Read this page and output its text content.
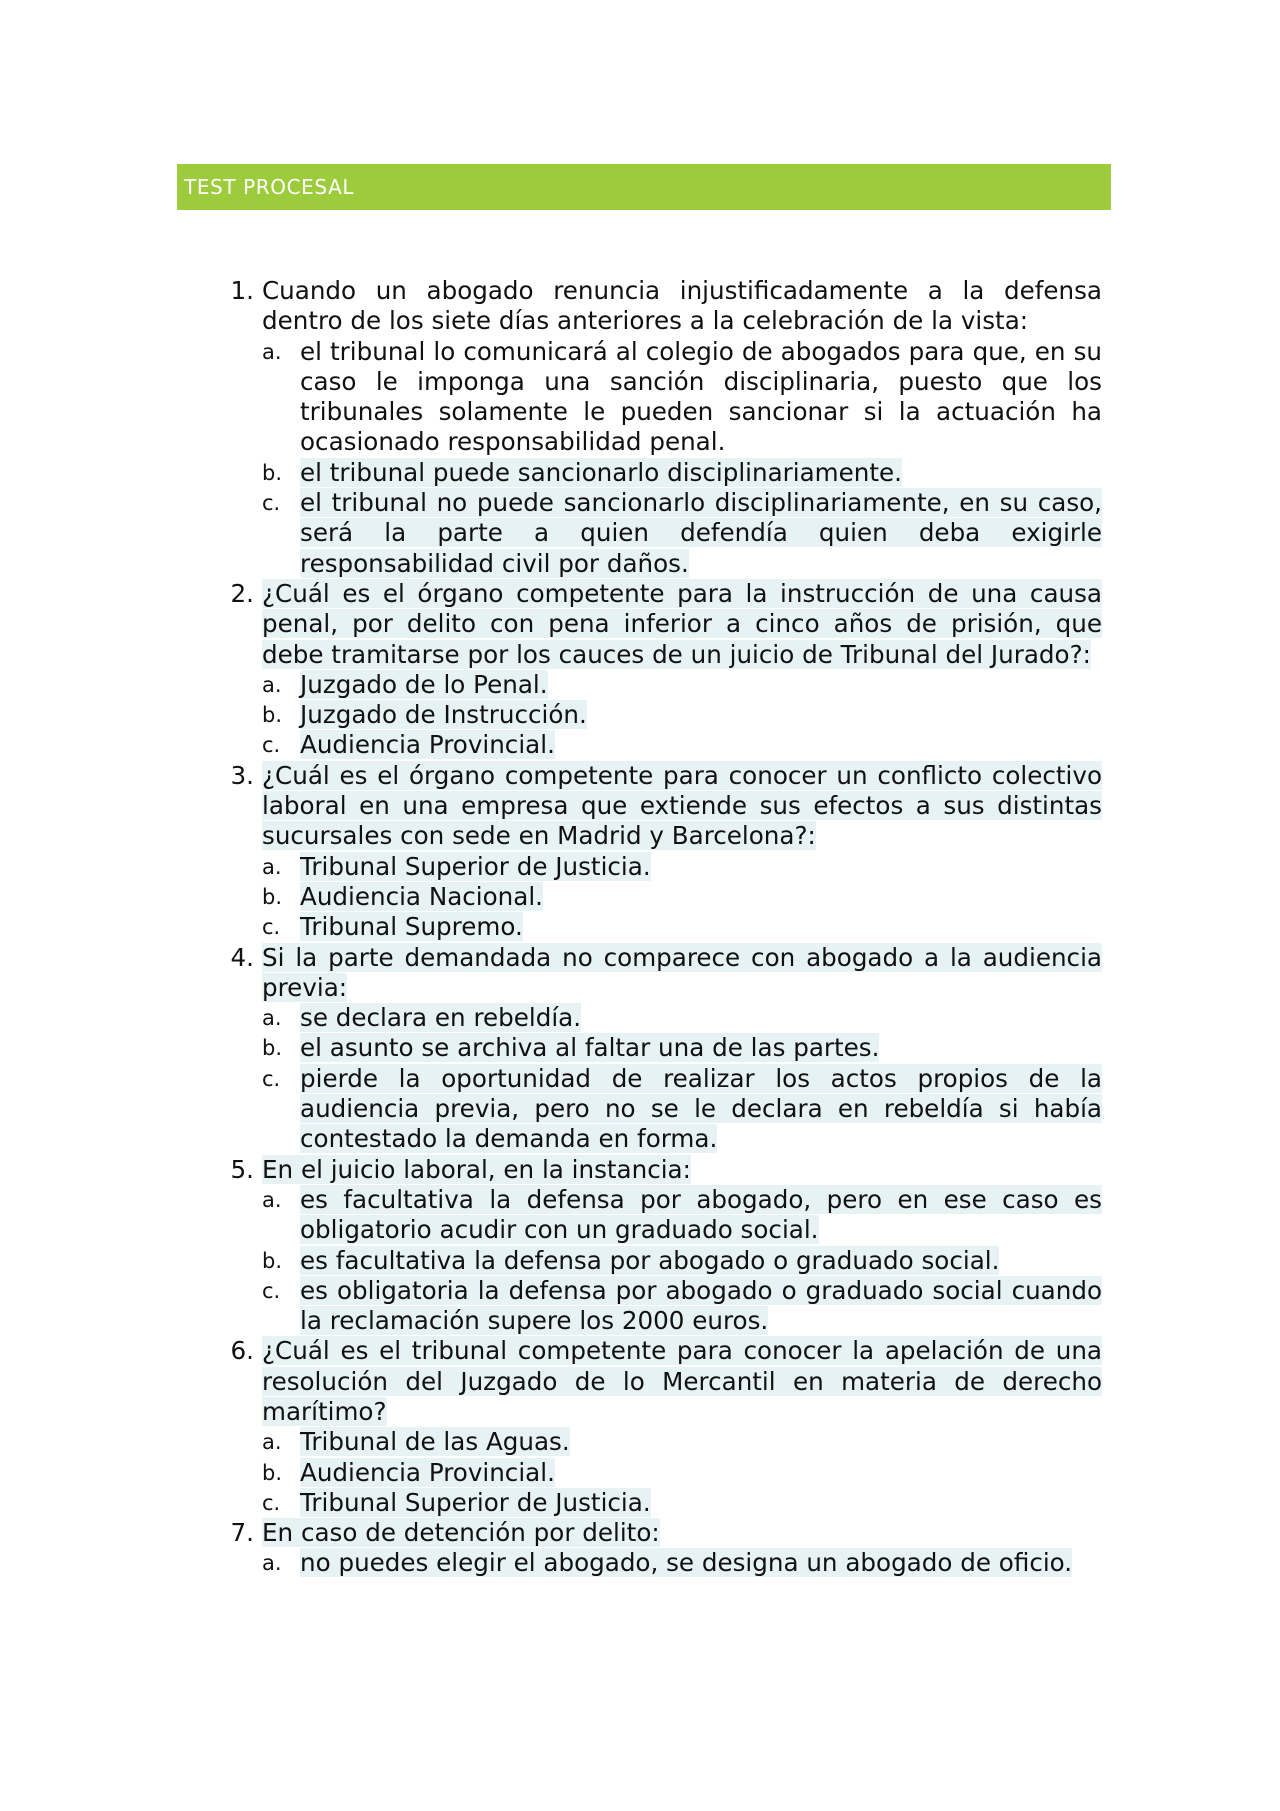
TEST PROCESAL
1. Cuando un abogado renuncia injustificadamente a la defensa dentro de los siete días anteriores a la celebración de la vista:
a. el tribunal lo comunicará al colegio de abogados para que, en su caso le imponga una sanción disciplinaria, puesto que los tribunales solamente le pueden sancionar si la actuación ha ocasionado responsabilidad penal.
b. el tribunal puede sancionarlo disciplinariamente.
c. el tribunal no puede sancionarlo disciplinariamente, en su caso, será la parte a quien defendía quien deba exigirle responsabilidad civil por daños.
2. ¿Cuál es el órgano competente para la instrucción de una causa penal, por delito con pena inferior a cinco años de prisión, que debe tramitarse por los cauces de un juicio de Tribunal del Jurado?:
a. Juzgado de lo Penal.
b. Juzgado de Instrucción.
c. Audiencia Provincial.
3. ¿Cuál es el órgano competente para conocer un conflicto colectivo laboral en una empresa que extiende sus efectos a sus distintas sucursales con sede en Madrid y Barcelona?:
a. Tribunal Superior de Justicia.
b. Audiencia Nacional.
c. Tribunal Supremo.
4. Si la parte demandada no comparece con abogado a la audiencia previa:
a. se declara en rebeldía.
b. el asunto se archiva al faltar una de las partes.
c. pierde la oportunidad de realizar los actos propios de la audiencia previa, pero no se le declara en rebeldía si había contestado la demanda en forma.
5. En el juicio laboral, en la instancia:
a. es facultativa la defensa por abogado, pero en ese caso es obligatorio acudir con un graduado social.
b. es facultativa la defensa por abogado o graduado social.
c. es obligatoria la defensa por abogado o graduado social cuando la reclamación supere los 2000 euros.
6. ¿Cuál es el tribunal competente para conocer la apelación de una resolución del Juzgado de lo Mercantil en materia de derecho marítimo?
a. Tribunal de las Aguas.
b. Audiencia Provincial.
c. Tribunal Superior de Justicia.
7. En caso de detención por delito:
a. no puedes elegir el abogado, se designa un abogado de oficio.
